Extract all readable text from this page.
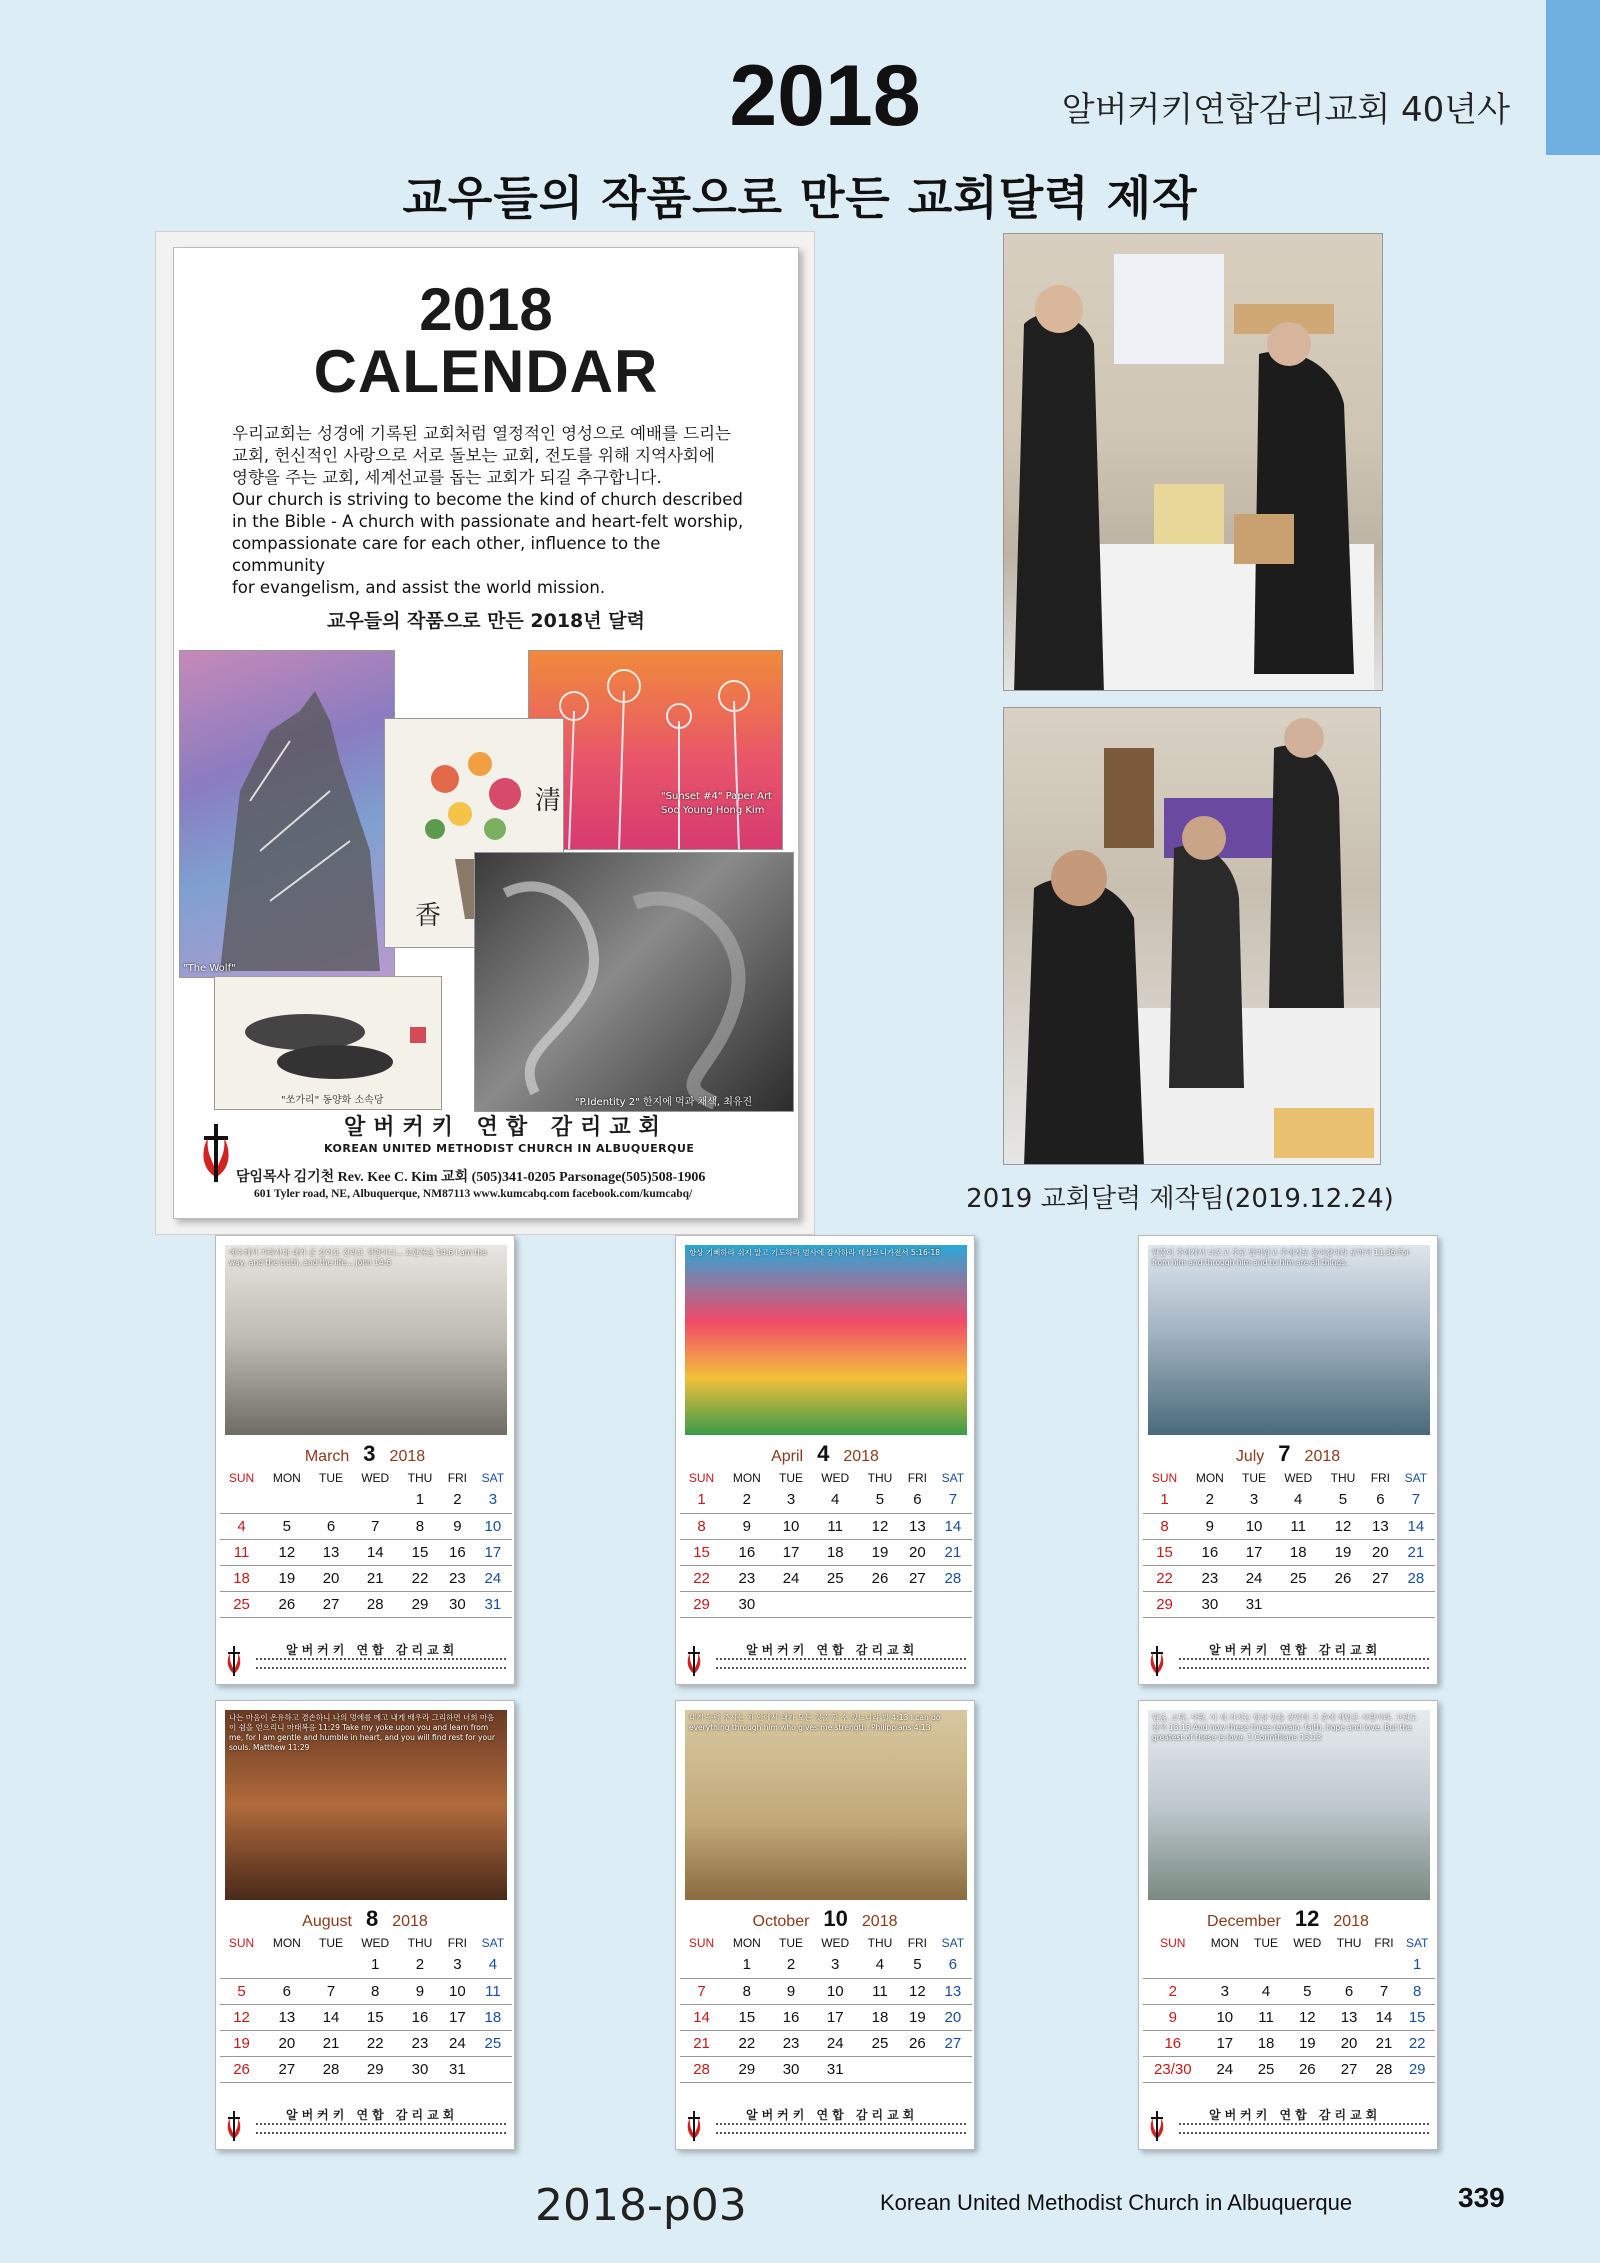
2018	알버커키연합감리교회 40년사
교우들의 작품으로 만든 교회달력 제작
2018
CALENDAR

우리교회는 성경에 기록된 교회처럼 열정적인 영성으로 예배를 드리는

교회, 헌신적인 사랑으로 서로 돌보는 교회, 전도를 위해 지역사회에

영향을 주는 교회, 세계선교를 돕는 교회가 되길 추구합니다.

Our church is striving to become the kind of church described

in the Bible - A church with passionate and heart-felt worship,

compassionate care for each other, influence to the community

for evangelism, and assist the world mission.

교우들의 작품으로 만든 2018년 달력
"The Wolf"
"Sunset #4" Paper Art
Soo Young Hong Kim
清
香
"P.Identity 2" 한지에 먹과 채색, 최유진
"쏘가리" 동양화 소속당
알버커키 연합 감리교회
KOREAN UNITED METHODIST CHURCH IN ALBUQUERQUE
담임목사 김기천 Rev. Kee C. Kim 교회 (505)341-0205 Parsonage(505)508-1906
601 Tyler road, NE, Albuquerque, NM87113 www.kumcabq.com facebook.com/kumcabq/	2019 교회달력 제작팀(2019.12.24)
예수께서 가라사대 내가 곧 길이요 진리요 생명이니... 요한복음 14:6 I am the way, and the truth, and the life... John 14:6
March 3 2018
SUN	MON	TUE	WED	THU	FRI	SAT
				1	2	3
4	5	6	7	8	9	10
11	12	13	14	15	16	17
18	19	20	21	22	23	24
25	26	27	28	29	30	31
알버커키 연합 감리교회
항상 기뻐하라 쉬지 말고 기도하라 범사에 감사하라 데살로니가전서 5:16-18
April 4 2018
SUN	MON	TUE	WED	THU	FRI	SAT
1	2	3	4	5	6	7
8	9	10	11	12	13	14
15	16	17	18	19	20	21
22	23	24	25	26	27	28
29	30					
알버커키 연합 감리교회
만물이 주에게서 나오고 주로 말미암고 주에게로 돌아감이라 로마서 11:36 For from him and through him and to him are all things.
July 7 2018
SUN	MON	TUE	WED	THU	FRI	SAT
1	2	3	4	5	6	7
8	9	10	11	12	13	14
15	16	17	18	19	20	21
22	23	24	25	26	27	28
29	30	31				
알버커키 연합 감리교회
나는 마음이 온유하고 겸손하니 나의 멍에를 메고 내게 배우라 그리하면 너희 마음이 쉼을 얻으리니 마태복음 11:29 Take my yoke upon you and learn from me, for I am gentle and humble in heart, and you will find rest for your souls. Matthew 11:29
August 8 2018
SUN	MON	TUE	WED	THU	FRI	SAT
			1	2	3	4
5	6	7	8	9	10	11
12	13	14	15	16	17	18
19	20	21	22	23	24	25
26	27	28	29	30	31	
알버커키 연합 감리교회
내게 능력 주시는 자 안에서 내가 모든 것을 할 수 있느니라 빌 4:13 I can do everything through him who gives me strength. Philippians 4:13
October 10 2018
SUN	MON	TUE	WED	THU	FRI	SAT
	1	2	3	4	5	6
7	8	9	10	11	12	13
14	15	16	17	18	19	20
21	22	23	24	25	26	27
28	29	30	31			
알버커키 연합 감리교회
믿음, 소망, 사랑, 이 세 가지는 항상 있을 것인데 그 중에 제일은 사랑이라. 고린도전서 13:13 And now these three remain: faith, hope and love. But the greatest of these is love. 1 Corinthians 13:13
December 12 2018
SUN	MON	TUE	WED	THU	FRI	SAT
						1
2	3	4	5	6	7	8
9	10	11	12	13	14	15
16	17	18	19	20	21	22
23/30	24	25	26	27	28	29
알버커키 연합 감리교회
2018-p03	Korean United Methodist Church in Albuquerque	339
